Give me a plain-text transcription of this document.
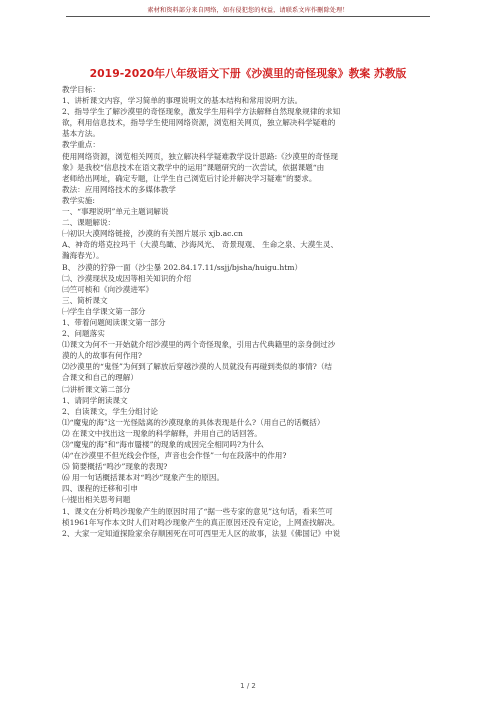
素材和资料部分来自网络，如有侵犯您的权益，请联系文库作删除处理！
2019-2020年八年级语文下册《沙漠里的奇怪现象》教案 苏教版

教学目标：

1、讲析课文内容，学习简单的事理说明文的基本结构和常用说明方法。

2、指导学生了解沙漠里的奇怪现象，激发学生用科学方法解释自然现象规律的求知

欲，利用信息技术，指导学生使用网络资源，浏览相关网页，独立解决科学疑难的

基本方法。

教学重点：

使用网络资源，浏览相关网页，独立解决科学疑难教学设计思路:《沙漠里的奇怪现

象》是我校“信息技术在语文教学中的运用”课题研究的一次尝试，依据课题“由

老师给出网址，确定专题，让学生自己浏览后讨论并解决学习疑难”的要求。

教法：应用网络技术的多媒体教学

教学实施:

一、“事理说明”单元主题词解说

二、课题解说：

㈠初识大漠网络链接，沙漠的有关图片展示 xjb.ac.cn

A、神奇的塔克拉玛干（大漠鸟瞰、沙海风光、 奇景现观、 生命之泉、大漠生灵、

瀚海春光）。

B、 沙漠的狞狰一面（沙尘暴 202.84.17.11/ssjj/bjsha/huigu.htm）

㈡、沙漠现状及成因等相关知识的介绍

㈢竺可桢和《向沙漠进军》

三、简析课文

㈠学生自学课文第一部分

1、带着问题阅读课文第一部分

2、问题落实

⑴课文为何不一开始就介绍沙漠里的两个奇怪现象，引用古代典籍里的亲身倒过沙

漠的人的故事有何作用?

⑵沙漠里的“鬼怪”为何到了解放后穿越沙漠的人员就没有再碰到类似的事情?（结

合课文和自己的理解）

㈡讲析课文第二部分

1、请同学朗读课文

2、自读课文，学生分组讨论

⑴“魔鬼的海”这一光怪陆离的沙漠现象的具体表现是什么?（用自己的话概括）

⑵ 在课文中找出这一现象的科学解释，并用自己的话回答。

⑶“魔鬼的海”和“海市蜃楼”的现象的成因完全相同吗?为什么

⑷“在沙漠里不但光线会作怪，声音也会作怪”一句在段落中的作用?

⑸ 简要概括“鸣沙”现象的表现?

⑹ 用一句话概括课本对“鸣沙”现象产生的原因。

四、课程的迁移和引申

㈠提出相关思考问题

1、课文在分析鸣沙现象产生的原因时用了“据一些专家的意见”这句话，看来竺可

桢1961年写作本文时人们对鸣沙现象产生的真正原因还没有定论，上网查找解决。

2、大家一定知道探险家余存顺困死在可可西里无人区的故事，法显《佛国记》中说

1 / 2
